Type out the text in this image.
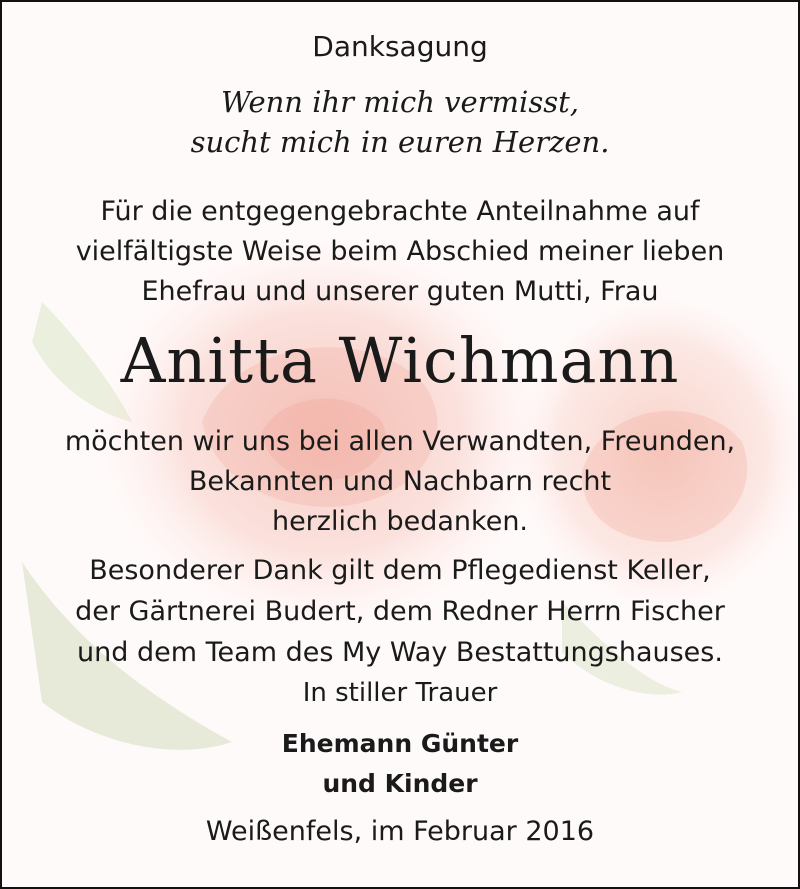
Danksagung
Wenn ihr mich vermisst,
sucht mich in euren Herzen.
Für die entgegengebrachte Anteilnahme auf
vielfältigste Weise beim Abschied meiner lieben
Ehefrau und unserer guten Mutti, Frau
Anitta Wichmann
möchten wir uns bei allen Verwandten, Freunden,
Bekannten und Nachbarn recht
herzlich bedanken.
Besonderer Dank gilt dem Pflegedienst Keller,
der Gärtnerei Budert, dem Redner Herrn Fischer
und dem Team des My Way Bestattungshauses.
In stiller Trauer
Ehemann Günter
und Kinder
Weißenfels, im Februar 2016
